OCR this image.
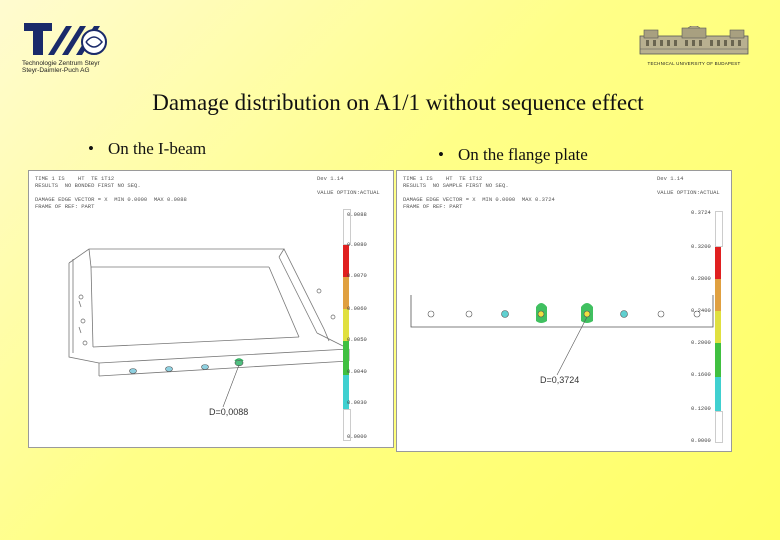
Technologie Zentrum Steyr
Steyr-Daimler-Puch AG
TECHNICAL UNIVERSITY OF BUDAPEST
Damage distribution on A1/1 without sequence effect
• On the I-beam	• On the flange plate
TIME 1 IS    HT  TE 1T12
RESULTS  NO BONDED FIRST NO SEQ.

DAMAGE EDGE VECTOR = X  MIN 0.0000  MAX 0.0088
FRAME OF REF: PART
Dev 1.14

VALUE OPTION:ACTUAL
D=0,0088
0.0088
0.0080
0.0070
0.0060
0.0050
0.0040
0.0030
0.0000
TIME 1 IS    HT  TE 1T12
RESULTS  NO SAMPLE FIRST NO SEQ.

DAMAGE EDGE VECTOR = X  MIN 0.0000  MAX 0.3724
FRAME OF REF: PART
Dev 1.14

VALUE OPTION:ACTUAL
D=0,3724
0.3724
0.3200
0.2800
0.2400
0.2000
0.1600
0.1200
0.0000
